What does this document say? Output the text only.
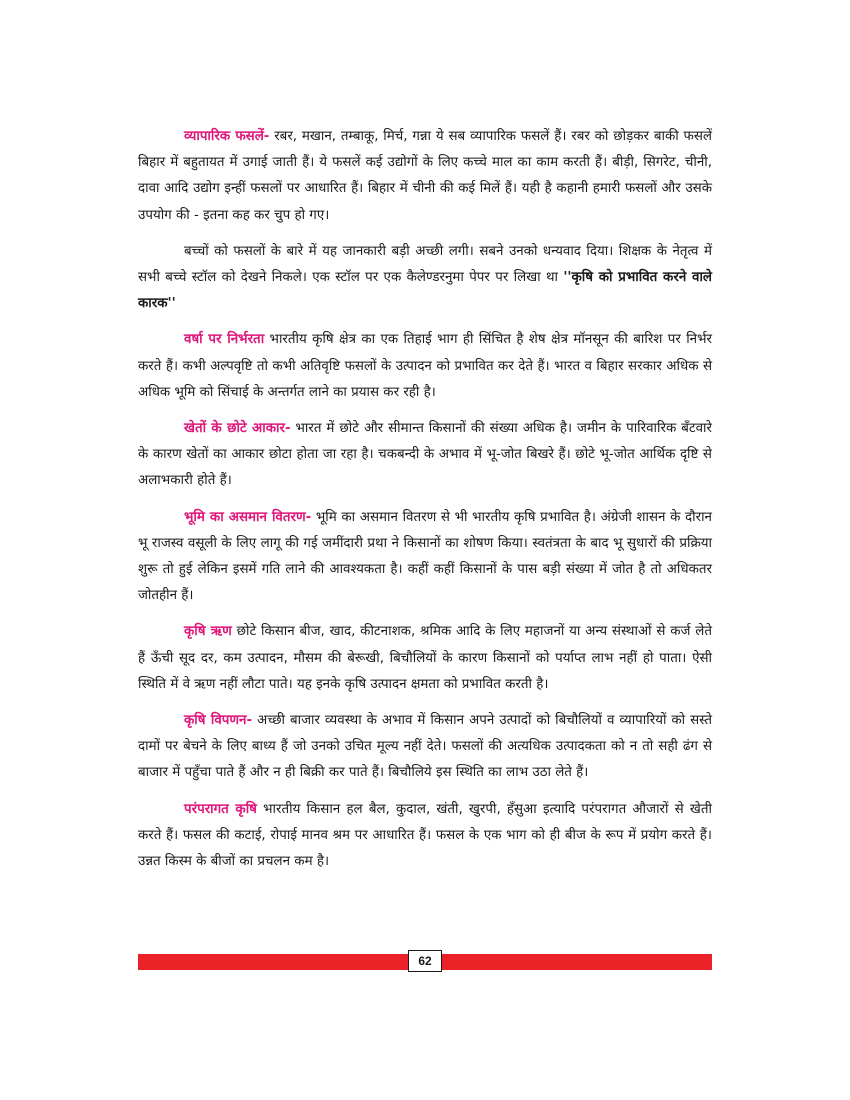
व्यापारिक फसलें- रबर, मखान, तम्बाकू, मिर्च, गन्ना ये सब व्यापारिक फसलें हैं। रबर को छोड़कर बाकी फसलें बिहार में बहुतायत में उगाई जाती हैं। ये फसलें कई उद्योगों के लिए कच्चे माल का काम करती हैं। बीड़ी, सिगरेट, चीनी, दावा आदि उद्योग इन्हीं फसलों पर आधारित हैं। बिहार में चीनी की कई मिलें हैं। यही है कहानी हमारी फसलों और उसके उपयोग की - इतना कह कर चुप हो गए।

बच्चों को फसलों के बारे में यह जानकारी बड़ी अच्छी लगी। सबने उनको धन्यवाद दिया। शिक्षक के नेतृत्व में सभी बच्चे स्टॉल को देखने निकले। एक स्टॉल पर एक कैलेण्डरनुमा पेपर पर लिखा था ''कृषि को प्रभावित करने वाले कारक''

वर्षा पर निर्भरता भारतीय कृषि क्षेत्र का एक तिहाई भाग ही सिंचित है शेष क्षेत्र मॉनसून की बारिश पर निर्भर करते हैं। कभी अल्पवृष्टि तो कभी अतिवृष्टि फसलों के उत्पादन को प्रभावित कर देते हैं। भारत व बिहार सरकार अधिक से अधिक भूमि को सिंचाई के अन्तर्गत लाने का प्रयास कर रही है।

खेतों के छोटे आकार- भारत में छोटे और सीमान्त किसानों की संख्या अधिक है। जमीन के पारिवारिक बँटवारे के कारण खेतों का आकार छोटा होता जा रहा है। चकबन्दी के अभाव में भू-जोत बिखरे हैं। छोटे भू-जोत आर्थिक दृष्टि से अलाभकारी होते हैं।

भूमि का असमान वितरण- भूमि का असमान वितरण से भी भारतीय कृषि प्रभावित है। अंग्रेजी शासन के दौरान भू राजस्व वसूली के लिए लागू की गई जमींदारी प्रथा ने किसानों का शोषण किया। स्वतंत्रता के बाद भू सुधारों की प्रक्रिया शुरू तो हुई लेकिन इसमें गति लाने की आवश्यकता है। कहीं कहीं किसानों के पास बड़ी संख्या में जोत है तो अधिकतर जोतहीन हैं।

कृषि ऋण छोटे किसान बीज, खाद, कीटनाशक, श्रमिक आदि के लिए महाजनों या अन्य संस्थाओं से कर्ज लेते हैं ऊँची सूद दर, कम उत्पादन, मौसम की बेरूखी, बिचौलियों के कारण किसानों को पर्याप्त लाभ नहीं हो पाता। ऐसी स्थिति में वे ऋण नहीं लौटा पाते। यह इनके कृषि उत्पादन क्षमता को प्रभावित करती है।

कृषि विपणन- अच्छी बाजार व्यवस्था के अभाव में किसान अपने उत्पादों को बिचौलियों व व्यापारियों को सस्ते दामों पर बेचने के लिए बाध्य हैं जो उनको उचित मूल्य नहीं देते। फसलों की अत्यधिक उत्पादकता को न तो सही ढंग से बाजार में पहुँचा पाते हैं और न ही बिक्री कर पाते हैं। बिचौलिये इस स्थिति का लाभ उठा लेते हैं।

परंपरागत कृषि भारतीय किसान हल बैल, कुदाल, खंती, खुरपी, हँसुआ इत्यादि परंपरागत औजारों से खेती करते हैं। फसल की कटाई, रोपाई मानव श्रम पर आधारित हैं। फसल के एक भाग को ही बीज के रूप में प्रयोग करते हैं। उन्नत किस्म के बीजों का प्रचलन कम है।

62
